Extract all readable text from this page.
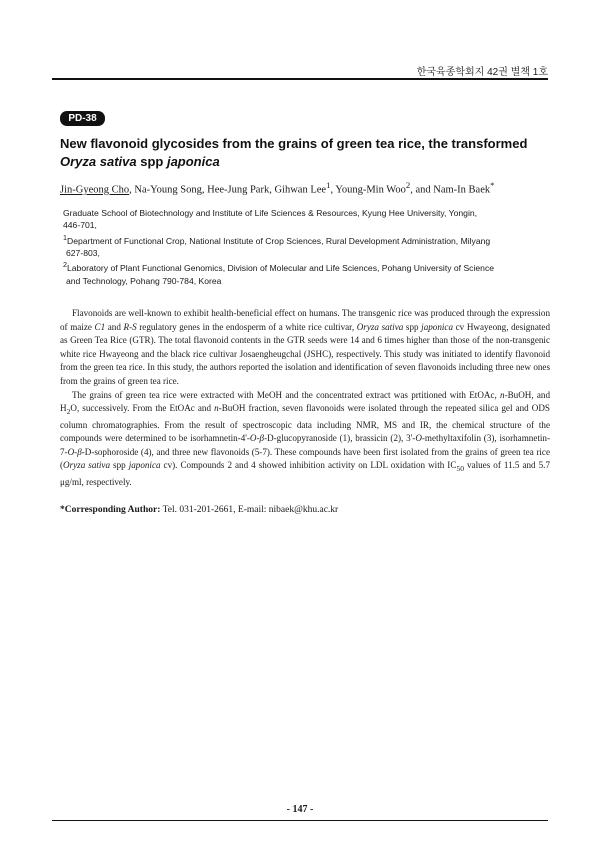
한국육종학회지 42권 별책 1호
PD-38
New flavonoid glycosides from the grains of green tea rice, the transformed Oryza sativa spp japonica
Jin-Gyeong Cho, Na-Young Song, Hee-Jung Park, Gihwan Lee$^1$, Young-Min Woo$^2$, and Nam-In Baek*
Graduate School of Biotechnology and Institute of Life Sciences & Resources, Kyung Hee University, Yongin,
446-701,
$^1$Department of Functional Crop, National Institute of Crop Sciences, Rural Development Administration, Milyang
627-803,
$^2$Laboratory of Plant Functional Genomics, Division of Molecular and Life Sciences, Pohang University of Science
and Technology, Pohang 790-784, Korea

Flavonoids are well-known to exhibit health-beneficial effect on humans. The transgenic rice was produced through the expression of maize C1 and R-S regulatory genes in the endosperm of a white rice cultivar, Oryza sativa spp japonica cv Hwayeong, designated as Green Tea Rice (GTR). The total flavonoid contents in the GTR seeds were 14 and 6 times higher than those of the non-transgenic white rice Hwayeong and the black rice cultivar Josaengheugchal (JSHC), respectively. This study was initiated to identify flavonoid from the green tea rice. In this study, the authors reported the isolation and identification of seven flavonoids including three new ones from the grains of green tea rice.

The grains of green tea rice were extracted with MeOH and the concentrated extract was prtitioned with EtOAc, n-BuOH, and $H_2O$, successively. From the EtOAc and n-BuOH fraction, seven flavonoids were isolated through the repeated silica gel and ODS column chromatographies. From the result of spectroscopic data including NMR, MS and IR, the chemical structure of the compounds were determined to be isorhamnetin-4'-O-β-D-glucopyranoside (1), brassicin (2), 3'-O-methyltaxifolin (3), isorhamnetin-7-O-β-D-sophoroside (4), and three new flavonoids (5-7). These compounds have been first isolated from the grains of green tea rice (Oryza sativa spp japonica cv). Compounds 2 and 4 showed inhibition activity on LDL oxidation with $IC_{50}$ values of 11.5 and 5.7 μg/ml, respectively.

*Corresponding Author: Tel. 031-201-2661, E-mail: nibaek@khu.ac.kr
- 147 -
